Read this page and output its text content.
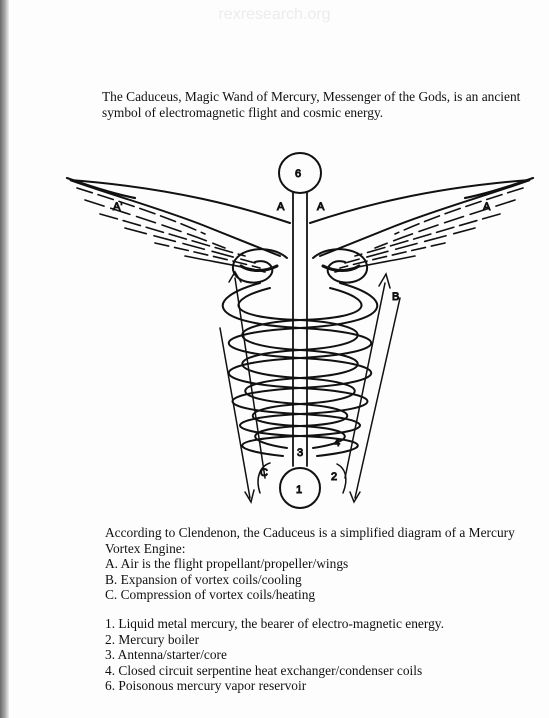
rexresearch.org
The Caduceus, Magic Wand of Mercury, Messenger of the Gods, is an ancient symbol of electromagnetic flight and cosmic energy.
6
1
A'	A
A	A
B
C
3
4
2

According to Clendenon, the Caduceus is a simplified diagram of a Mercury Vortex Engine:

A. Air is the flight propellant/propeller/wings
B. Expansion of vortex coils/cooling
C. Compression of vortex coils/heating
1. Liquid metal mercury, the bearer of electro-magnetic energy.
2. Mercury boiler
3. Antenna/starter/core
4. Closed circuit serpentine heat exchanger/condenser coils
6. Poisonous mercury vapor reservoir
